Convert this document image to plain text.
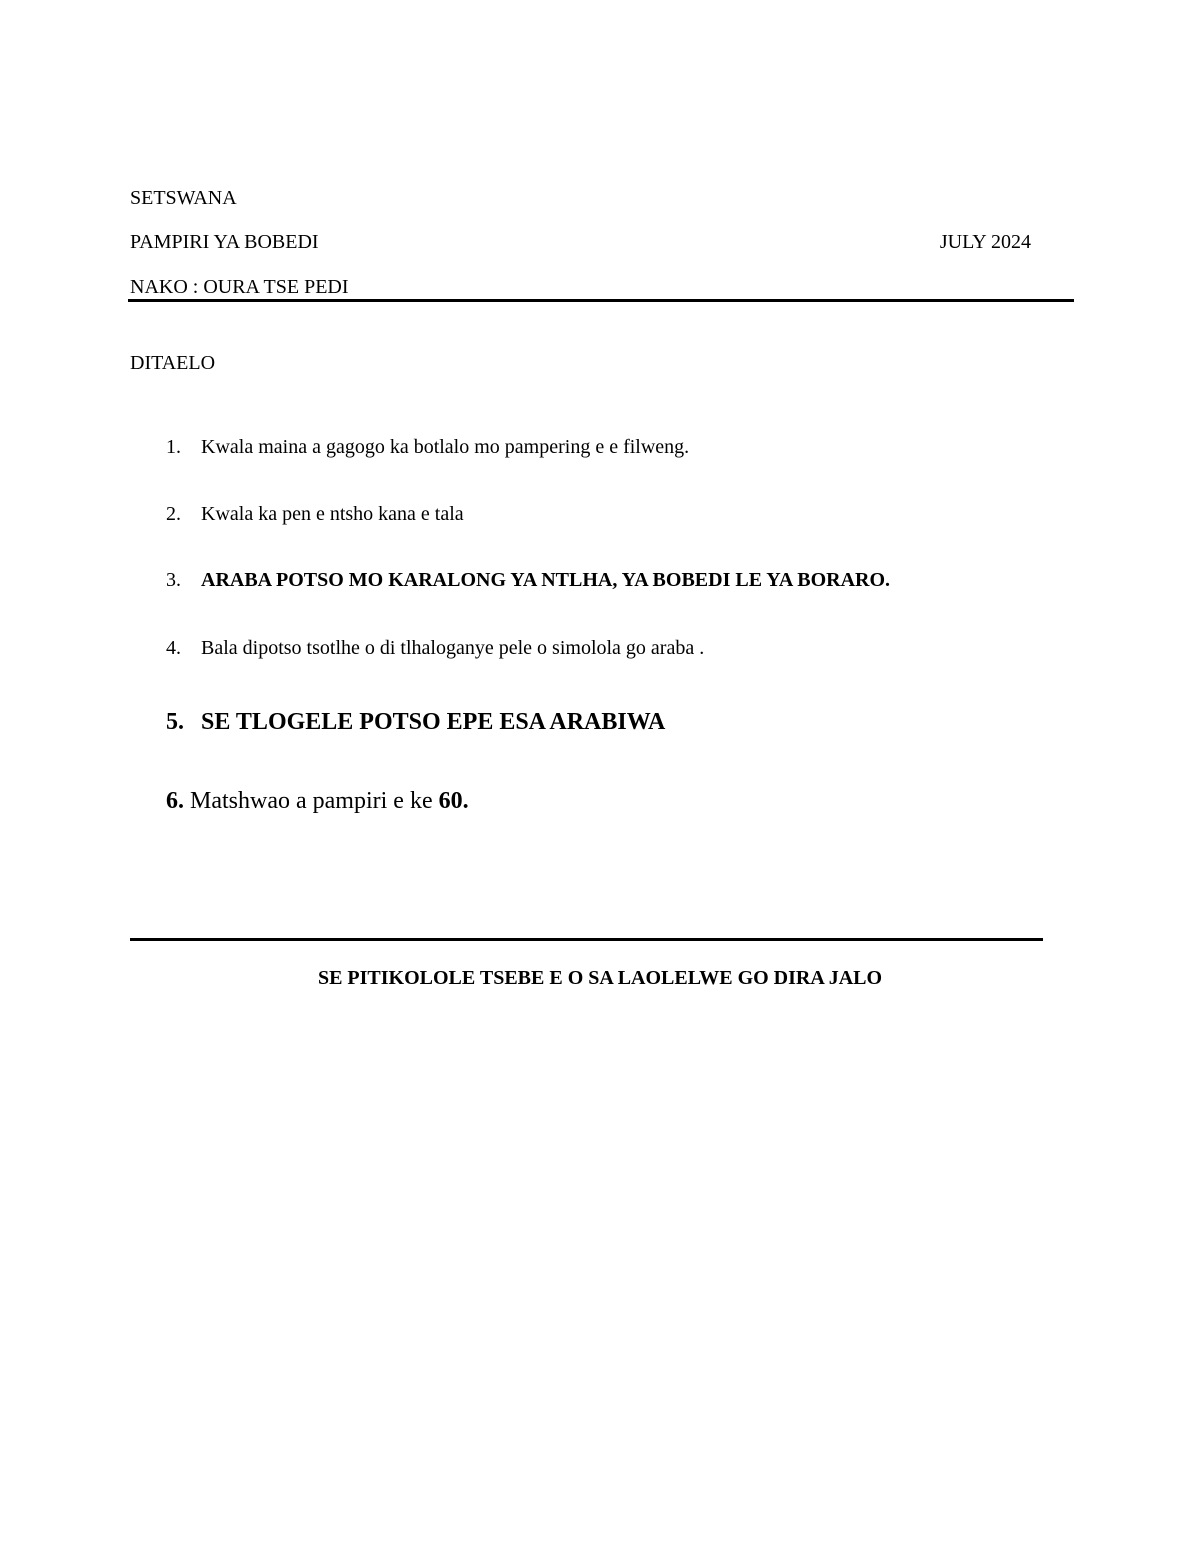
SETSWANA
PAMPIRI YA BOBEDI	JULY 2024
NAKO : OURA TSE PEDI
DITAELO
1. Kwala maina a gagogo ka botlalo mo pampering e e filweng.
2. Kwala ka pen e ntsho kana e tala
3. ARABA POTSO MO KARALONG YA NTLHA, YA BOBEDI LE YA BORARO.
4. Bala dipotso tsotlhe o di tlhaloganye pele o simolola go araba .
5. SE TLOGELE POTSO EPE ESA ARABIWA
6. Matshwao a pampiri e ke 60.
SE PITIKOLOLE TSEBE E O SA LAOLELWE GO DIRA JALO
